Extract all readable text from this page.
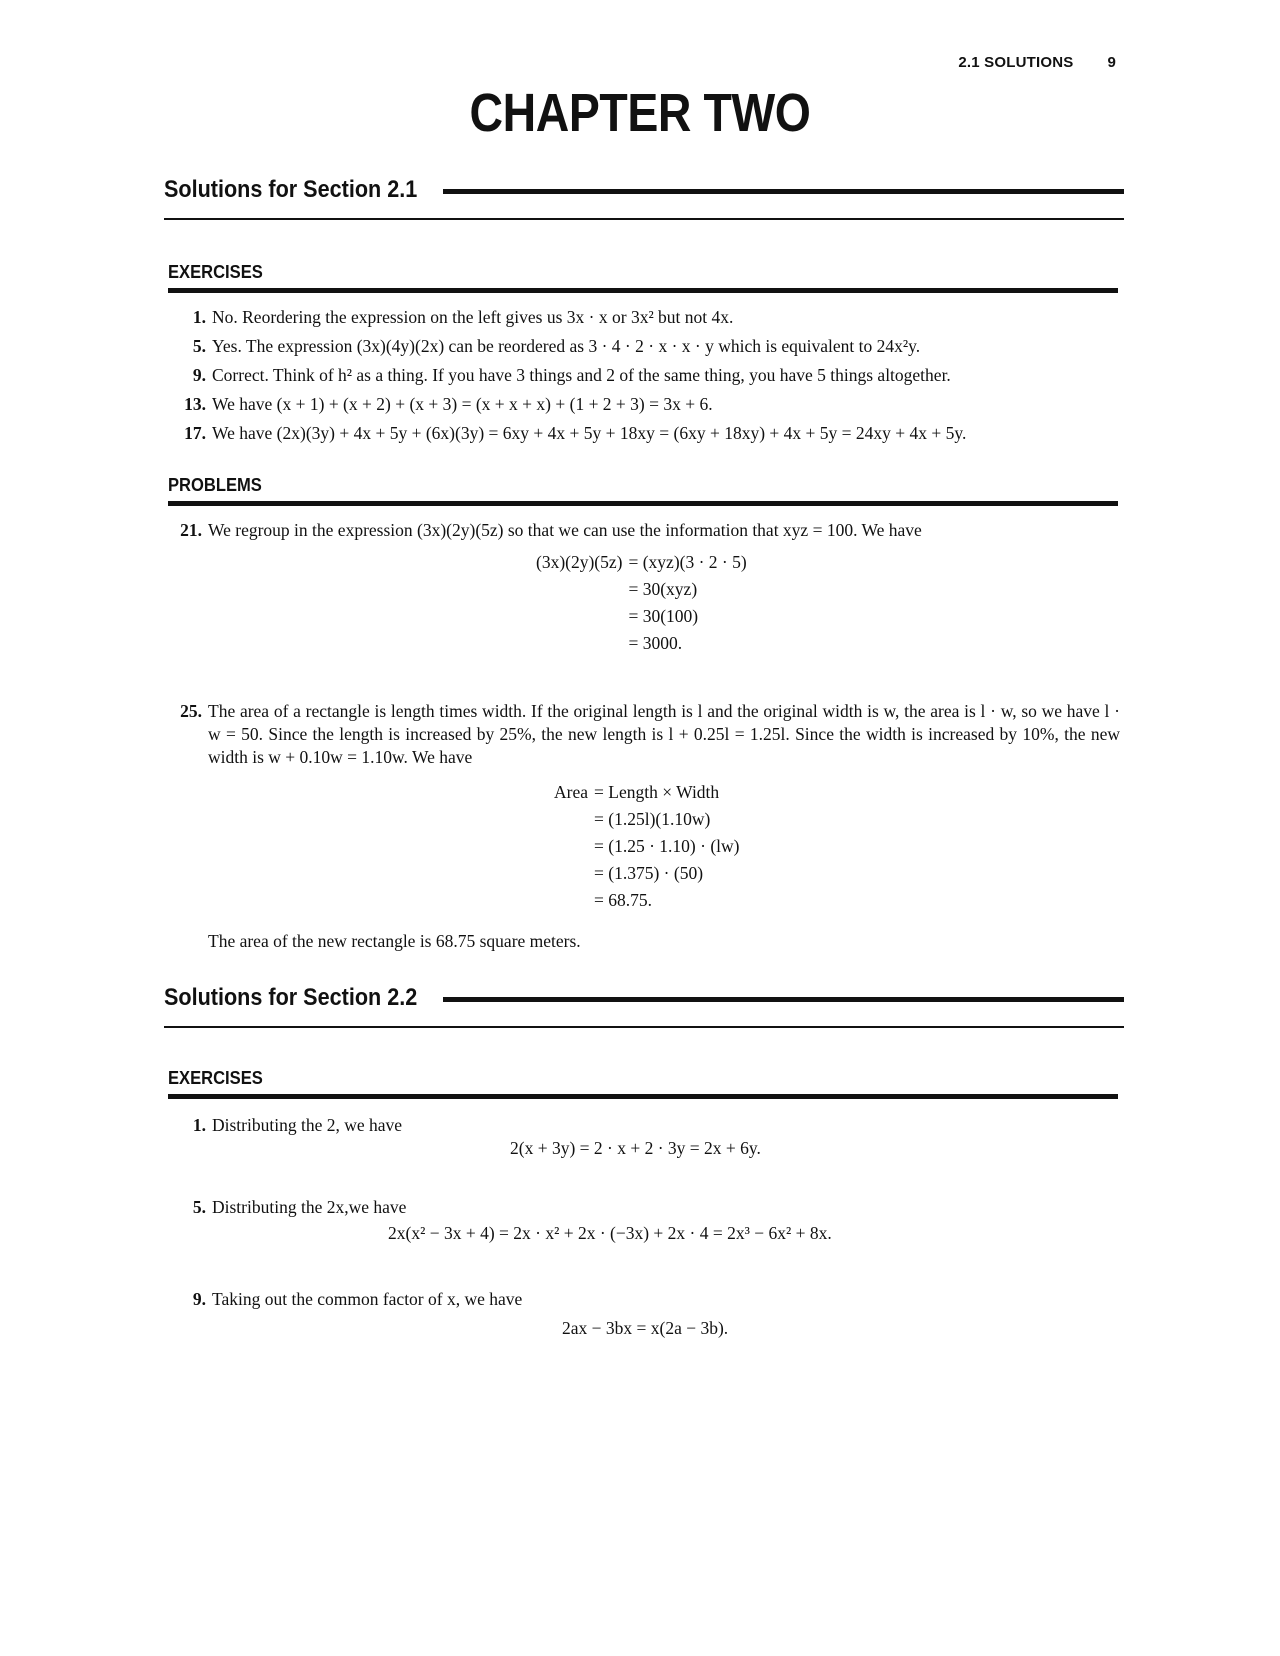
2.1 SOLUTIONS 9
CHAPTER TWO
Solutions for Section 2.1
EXERCISES
1. No. Reordering the expression on the left gives us 3x · x or 3x² but not 4x.
5. Yes. The expression (3x)(4y)(2x) can be reordered as 3 · 4 · 2 · x · x · y which is equivalent to 24x²y.
9. Correct. Think of h² as a thing. If you have 3 things and 2 of the same thing, you have 5 things altogether.
13. We have (x + 1) + (x + 2) + (x + 3) = (x + x + x) + (1 + 2 + 3) = 3x + 6.
17. We have (2x)(3y) + 4x + 5y + (6x)(3y) = 6xy + 4x + 5y + 18xy = (6xy + 18xy) + 4x + 5y = 24xy + 4x + 5y.
PROBLEMS
21. We regroup in the expression (3x)(2y)(5z) so that we can use the information that xyz = 100. We have
(3x)(2y)(5z) = (xyz)(3 · 2 · 5)
= 30(xyz)
= 30(100)
= 3000.
25. The area of a rectangle is length times width. If the original length is l and the original width is w, the area is l · w, so we have l · w = 50. Since the length is increased by 25%, the new length is l + 0.25l = 1.25l. Since the width is increased by 10%, the new width is w + 0.10w = 1.10w. We have
Area = Length × Width
= (1.25l)(1.10w)
= (1.25 · 1.10) · (lw)
= (1.375) · (50)
= 68.75.
The area of the new rectangle is 68.75 square meters.
Solutions for Section 2.2
EXERCISES
1. Distributing the 2, we have
2(x + 3y) = 2 · x + 2 · 3y = 2x + 6y.
5. Distributing the 2x,we have
2x(x² − 3x + 4) = 2x · x² + 2x · (−3x) + 2x · 4 = 2x³ − 6x² + 8x.
9. Taking out the common factor of x, we have
2ax − 3bx = x(2a − 3b).
